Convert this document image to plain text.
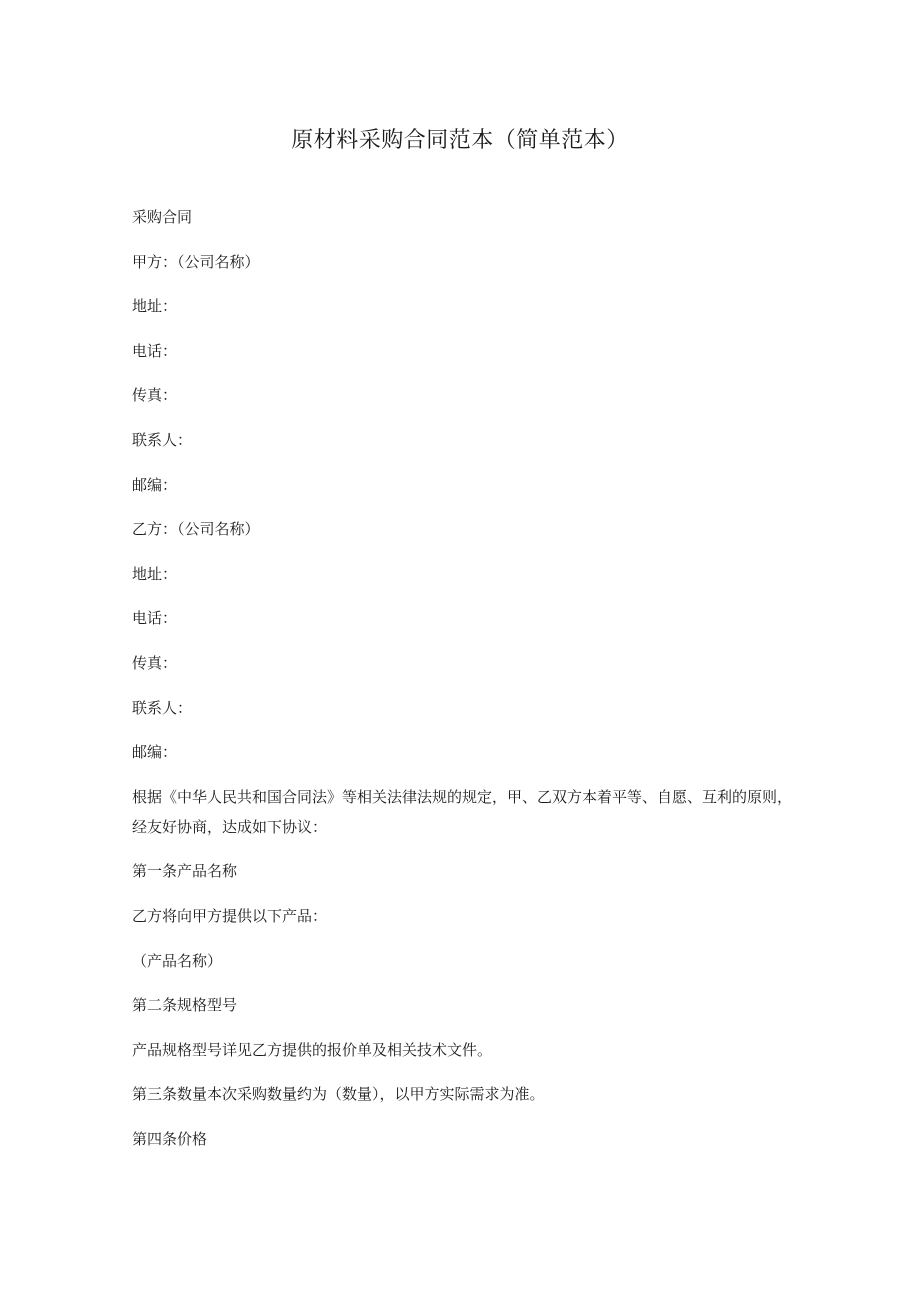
原材料采购合同范本（简单范本）

采购合同

甲方：（公司名称）

地址：

电话：

传真：

联系人：

邮编：

乙方：（公司名称）

地址：

电话：

传真：

联系人：

邮编：

根据《中华人民共和国合同法》等相关法律法规的规定，甲、乙双方本着平等、自愿、互利的原则，经友好协商，达成如下协议：

第一条产品名称

乙方将向甲方提供以下产品：

（产品名称）

第二条规格型号

产品规格型号详见乙方提供的报价单及相关技术文件。

第三条数量本次采购数量约为（数量），以甲方实际需求为准。

第四条价格
